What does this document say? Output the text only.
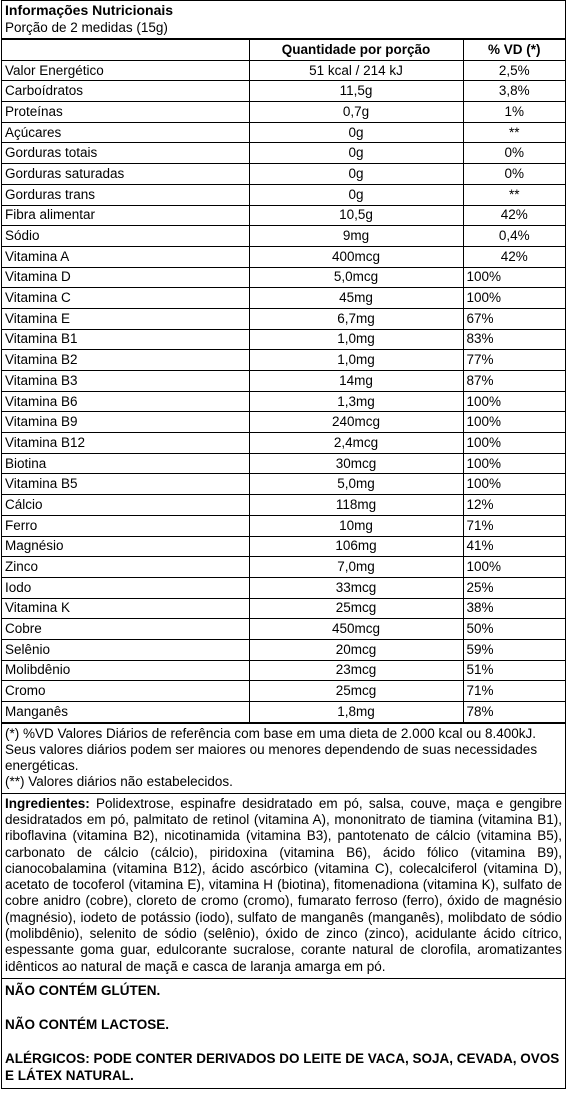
Informações Nutricionais
Porção de 2 medidas (15g)
	Quantidade por porção	% VD (*)
Valor Energético	51 kcal / 214 kJ	2,5%
Carboídratos	11,5g	3,8%
Proteínas	0,7g	1%
Açúcares	0g	**
Gorduras totais	0g	0%
Gorduras saturadas	0g	0%
Gorduras trans	0g	**
Fibra alimentar	10,5g	42%
Sódio	9mg	0,4%
Vitamina A	400mcg	42%
Vitamina D	5,0mcg	100%
Vitamina C	45mg	100%
Vitamina E	6,7mg	67%
Vitamina B1	1,0mg	83%
Vitamina B2	1,0mg	77%
Vitamina B3	14mg	87%
Vitamina B6	1,3mg	100%
Vitamina B9	240mcg	100%
Vitamina B12	2,4mcg	100%
Biotina	30mcg	100%
Vitamina B5	5,0mg	100%
Cálcio	118mg	12%
Ferro	10mg	71%
Magnésio	106mg	41%
Zinco	7,0mg	100%
Iodo	33mcg	25%
Vitamina K	25mcg	38%
Cobre	450mcg	50%
Selênio	20mcg	59%
Molibdênio	23mcg	51%
Cromo	25mcg	71%
Manganês	1,8mg	78%
(*) %VD Valores Diários de referência com base em uma dieta de 2.000 kcal ou 8.400kJ. Seus valores diários podem ser maiores ou menores dependendo de suas necessidades energéticas.
(**) Valores diários não estabelecidos.
Ingredientes: Polidextrose, espinafre desidratado em pó, salsa, couve, maça e gengibre desidratados em pó, palmitato de retinol (vitamina A), mononitrato de tiamina (vitamina B1), riboflavina (vitamina B2), nicotinamida (vitamina B3), pantotenato de cálcio (vitamina B5), carbonato de cálcio (cálcio), piridoxina (vitamina B6), ácido fólico (vitamina B9), cianocobalamina (vitamina B12), ácido ascórbico (vitamina C), colecalciferol (vitamina D), acetato de tocoferol (vitamina E), vitamina H (biotina), fitomenadiona (vitamina K), sulfato de cobre anidro (cobre), cloreto de cromo (cromo), fumarato ferroso (ferro), óxido de magnésio (magnésio), iodeto de potássio (iodo), sulfato de manganês (manganês), molibdato de sódio (molibdênio), selenito de sódio (selênio), óxido de zinco (zinco), acidulante ácido cítrico, espessante goma guar, edulcorante sucralose, corante natural de clorofila, aromatizantes idênticos ao natural de maçã e casca de laranja amarga em pó.

NÃO CONTÉM GLÚTEN.

NÃO CONTÉM LACTOSE.

ALÉRGICOS: PODE CONTER DERIVADOS DO LEITE DE VACA, SOJA, CEVADA, OVOS E LÁTEX NATURAL.
